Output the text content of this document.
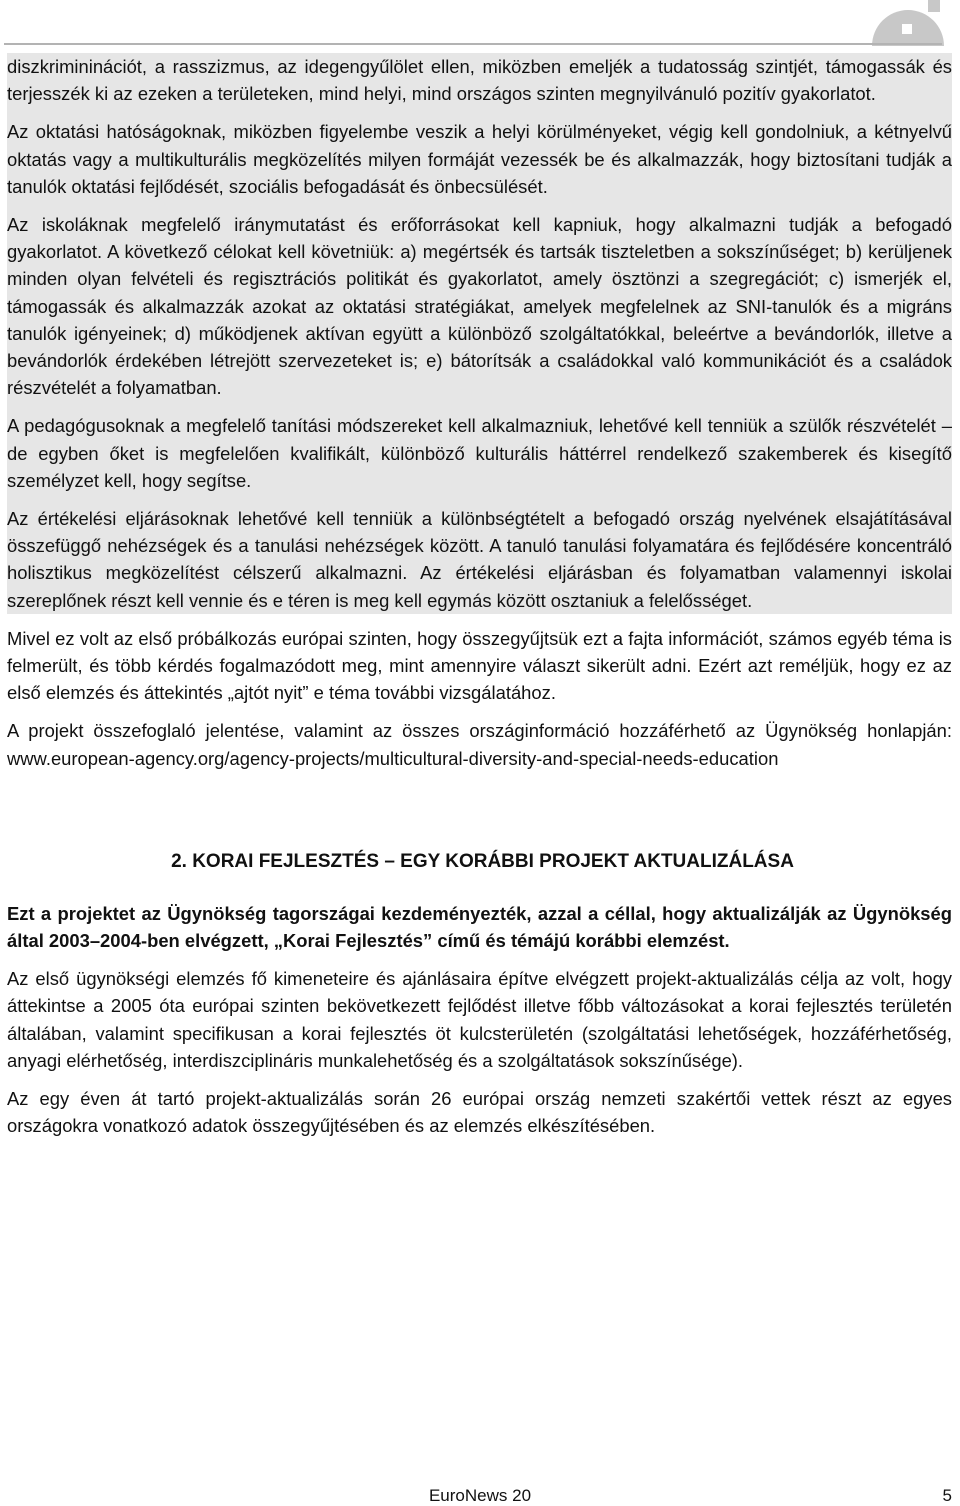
diszkrimininációt, a rasszizmus, az idegengyűlölet ellen, miközben emeljék a tudatosság szintjét, támogassák és terjesszék ki az ezeken a területeken, mind helyi, mind országos szinten megnyilvánuló pozitív gyakorlatot.

Az oktatási hatóságoknak, miközben figyelembe veszik a helyi körülményeket, végig kell gondolniuk, a kétnyelvű oktatás vagy a multikulturális megközelítés milyen formáját vezessék be és alkalmazzák, hogy biztosítani tudják a tanulók oktatási fejlődését, szociális befogadását és önbecsülését.

Az iskoláknak megfelelő iránymutatást és erőforrásokat kell kapniuk, hogy alkalmazni tudják a befogadó gyakorlatot. A következő célokat kell követniük: a) megértsék és tartsák tiszteletben a sokszínűséget; b) kerüljenek minden olyan felvételi és regisztrációs politikát és gyakorlatot, amely ösztönzi a szegregációt; c) ismerjék el, támogassák és alkalmazzák azokat az oktatási stratégiákat, amelyek megfelelnek az SNI-tanulók és a migráns tanulók igényeinek; d) működjenek aktívan együtt a különböző szolgáltatókkal, beleértve a bevándorlók, illetve a bevándorlók érdekében létrejött szervezeteket is; e) bátorítsák a családokkal való kommunikációt és a családok részvételét a folyamatban.

A pedagógusoknak a megfelelő tanítási módszereket kell alkalmazniuk, lehetővé kell tenniük a szülők részvételét – de egyben őket is megfelelően kvalifikált, különböző kulturális háttérrel rendelkező szakemberek és kisegítő személyzet kell, hogy segítse.

Az értékelési eljárásoknak lehetővé kell tenniük a különbségtételt a befogadó ország nyelvének elsajátításával összefüggő nehézségek és a tanulási nehézségek között. A tanuló tanulási folyamatára és fejlődésére koncentráló holisztikus megközelítést célszerű alkalmazni. Az értékelési eljárásban és folyamatban valamennyi iskolai szereplőnek részt kell vennie és e téren is meg kell egymás között osztaniuk a felelősséget.

Mivel ez volt az első próbálkozás európai szinten, hogy összegyűjtsük ezt a fajta információt, számos egyéb téma is felmerült, és több kérdés fogalmazódott meg, mint amennyire választ sikerült adni. Ezért azt reméljük, hogy ez az első elemzés és áttekintés „ajtót nyit” e téma további vizsgálatához.

A projekt összefoglaló jelentése, valamint az összes országinformáció hozzáférhető az Ügynökség honlapján: www.european-agency.org/agency-projects/multicultural-diversity-and-special-needs-education

2. KORAI FEJLESZTÉS – EGY KORÁBBI PROJEKT AKTUALIZÁLÁSA

Ezt a projektet az Ügynökség tagországai kezdeményezték, azzal a céllal, hogy aktualizálják az Ügynökség által 2003–2004-ben elvégzett, „Korai Fejlesztés” című és témájú korábbi elemzést.

Az első ügynökségi elemzés fő kimeneteire és ajánlásaira építve elvégzett projekt-aktualizálás célja az volt, hogy áttekintse a 2005 óta európai szinten bekövetkezett fejlődést illetve főbb változásokat a korai fejlesztés területén általában, valamint specifikusan a korai fejlesztés öt kulcsterületén (szolgáltatási lehetőségek, hozzáférhetőség, anyagi elérhetőség, interdiszciplináris munkalehetőség és a szolgáltatások sokszínűsége).

Az egy éven át tartó projekt-aktualizálás során 26 európai ország nemzeti szakértői vettek részt az egyes országokra vonatkozó adatok összegyűjtésében és az elemzés elkészítésében.

EuroNews 20	5
